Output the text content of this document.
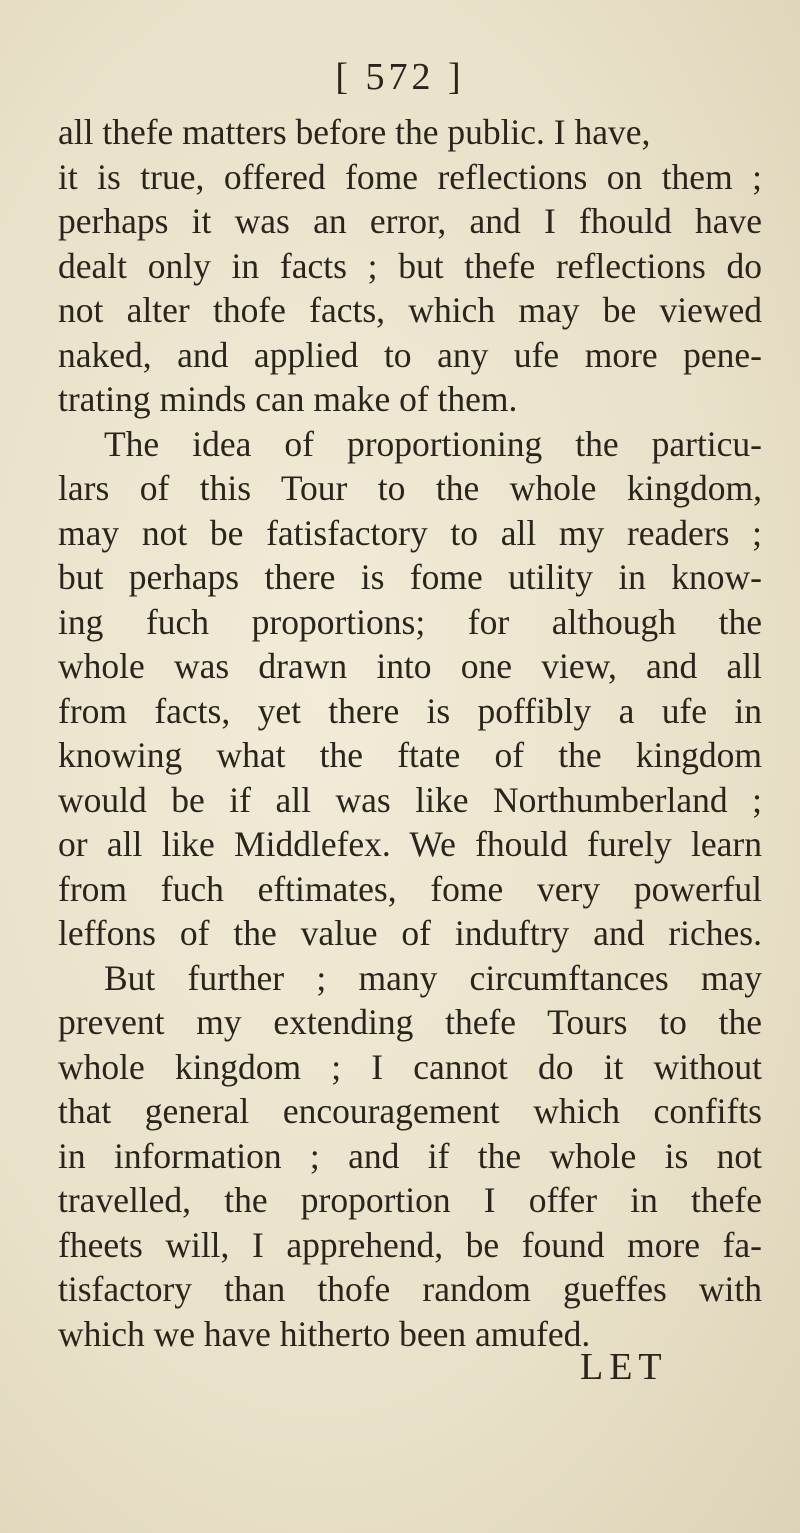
[ 572 ]
all thefe matters before the public. I have,
it is true, offered fome reflections on them ;
perhaps it was an error, and I fhould have
dealt only in facts ; but thefe reflections do
not alter thofe facts, which may be viewed
naked, and applied to any ufe more pene-
trating minds can make of them.
The idea of proportioning the particu-
lars of this Tour to the whole kingdom,
may not be fatisfactory to all my readers ;
but perhaps there is fome utility in know-
ing fuch proportions; for although the
whole was drawn into one view, and all
from facts, yet there is poffibly a ufe in
knowing what the ftate of the kingdom
would be if all was like Northumberland ;
or all like Middlefex. We fhould furely learn
from fuch eftimates, fome very powerful
leffons of the value of induftry and riches.
But further ; many circumftances may
prevent my extending thefe Tours to the
whole kingdom ; I cannot do it without
that general encouragement which confifts
in information ; and if the whole is not
travelled, the proportion I offer in thefe
fheets will, I apprehend, be found more fa-
tisfactory than thofe random gueffes with
which we have hitherto been amufed.
LET
